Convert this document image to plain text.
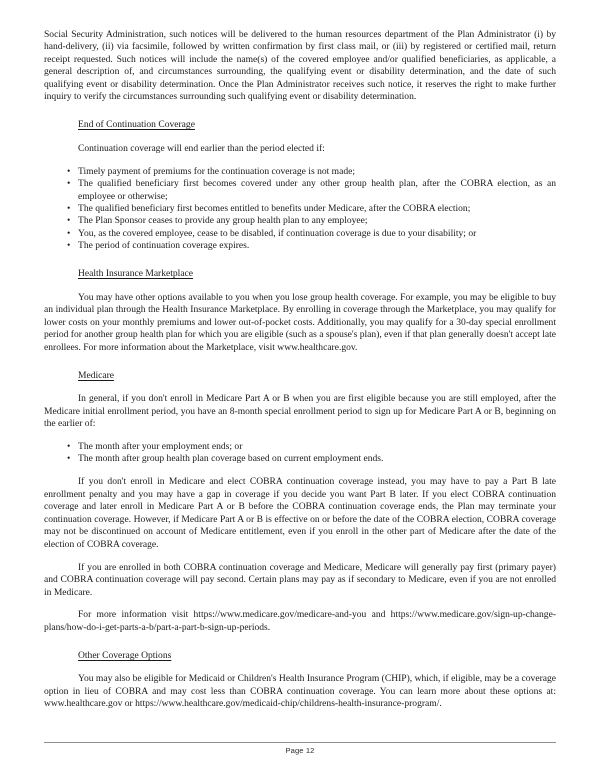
Social Security Administration, such notices will be delivered to the human resources department of the Plan Administrator (i) by hand-delivery, (ii) via facsimile, followed by written confirmation by first class mail, or (iii) by registered or certified mail, return receipt requested. Such notices will include the name(s) of the covered employee and/or qualified beneficiaries, as applicable, a general description of, and circumstances surrounding, the qualifying event or disability determination, and the date of such qualifying event or disability determination. Once the Plan Administrator receives such notice, it reserves the right to make further inquiry to verify the circumstances surrounding such qualifying event or disability determination.

End of Continuation Coverage

Continuation coverage will end earlier than the period elected if:

• Timely payment of premiums for the continuation coverage is not made;
• The qualified beneficiary first becomes covered under any other group health plan, after the COBRA election, as an employee or otherwise;
• The qualified beneficiary first becomes entitled to benefits under Medicare, after the COBRA election;
• The Plan Sponsor ceases to provide any group health plan to any employee;
• You, as the covered employee, cease to be disabled, if continuation coverage is due to your disability; or
• The period of continuation coverage expires.
Health Insurance Marketplace

You may have other options available to you when you lose group health coverage. For example, you may be eligible to buy an individual plan through the Health Insurance Marketplace. By enrolling in coverage through the Marketplace, you may qualify for lower costs on your monthly premiums and lower out-of-pocket costs. Additionally, you may qualify for a 30-day special enrollment period for another group health plan for which you are eligible (such as a spouse's plan), even if that plan generally doesn't accept late enrollees. For more information about the Marketplace, visit www.healthcare.gov.

Medicare

In general, if you don't enroll in Medicare Part A or B when you are first eligible because you are still employed, after the Medicare initial enrollment period, you have an 8-month special enrollment period to sign up for Medicare Part A or B, beginning on the earlier of:

• The month after your employment ends; or
• The month after group health plan coverage based on current employment ends.

If you don't enroll in Medicare and elect COBRA continuation coverage instead, you may have to pay a Part B late enrollment penalty and you may have a gap in coverage if you decide you want Part B later. If you elect COBRA continuation coverage and later enroll in Medicare Part A or B before the COBRA continuation coverage ends, the Plan may terminate your continuation coverage. However, if Medicare Part A or B is effective on or before the date of the COBRA election, COBRA coverage may not be discontinued on account of Medicare entitlement, even if you enroll in the other part of Medicare after the date of the election of COBRA coverage.

If you are enrolled in both COBRA continuation coverage and Medicare, Medicare will generally pay first (primary payer) and COBRA continuation coverage will pay second. Certain plans may pay as if secondary to Medicare, even if you are not enrolled in Medicare.

For more information visit https://www.medicare.gov/medicare-and-you and https://www.medicare.gov/sign-up-change-plans/how-do-i-get-parts-a-b/part-a-part-b-sign-up-periods.

Other Coverage Options

You may also be eligible for Medicaid or Children's Health Insurance Program (CHIP), which, if eligible, may be a coverage option in lieu of COBRA and may cost less than COBRA continuation coverage. You can learn more about these options at: www.healthcare.gov or https://www.healthcare.gov/medicaid-chip/childrens-health-insurance-program/.

Page 12
